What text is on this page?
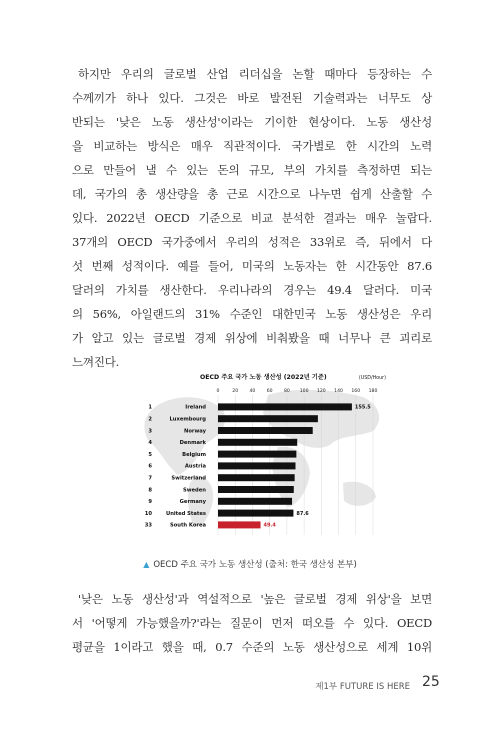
하지만 우리의 글로벌 산업 리더십을 논할 때마다 등장하는 수
수께끼가 하나 있다. 그것은 바로 발전된 기술력과는 너무도 상
반되는 '낮은 노동 생산성'이라는 기이한 현상이다. 노동 생산성
을 비교하는 방식은 매우 직관적이다. 국가별로 한 시간의 노력
으로 만들어 낼 수 있는 돈의 규모, 부의 가치를 측정하면 되는
데, 국가의 총 생산량을 총 근로 시간으로 나누면 쉽게 산출할 수
있다. 2022년 OECD 기준으로 비교 분석한 결과는 매우 놀랍다.
37개의 OECD 국가중에서 우리의 성적은 33위로 즉, 뒤에서 다
섯 번째 성적이다. 예를 들어, 미국의 노동자는 한 시간동안 87.6
달러의 가치를 생산한다. 우리나라의 경우는 49.4 달러다. 미국
의 56%, 아일랜드의 31% 수준인 대한민국 노동 생산성은 우리
가 알고 있는 글로벌 경제 위상에 비춰봤을 때 너무나 큰 괴리로
느껴진다.
OECD 주요 국가 노동 생산성 (2022년 기준)	(USD/Hour)
0	20 40 60 80 100 120 140 160 180
1	Ireland	155.5
2	Luxembourg
3	Norway
4	Denmark
5	Belgium
6	Austria
7	Switzerland
8	Sweden
9	Germany
10	United States	87.6
33	South Korea	49.4
▲ OECD 주요 국가 노동 생산성 (출처: 한국 생산성 본부)
'낮은 노동 생산성'과 역설적으로 '높은 글로벌 경제 위상'을 보면
서 '어떻게 가능했을까?'라는 질문이 먼저 떠오를 수 있다. OECD
평균을 1이라고 했을 때, 0.7 수준의 노동 생산성으로 세계 10위
제1부 FUTURE IS HERE 25
